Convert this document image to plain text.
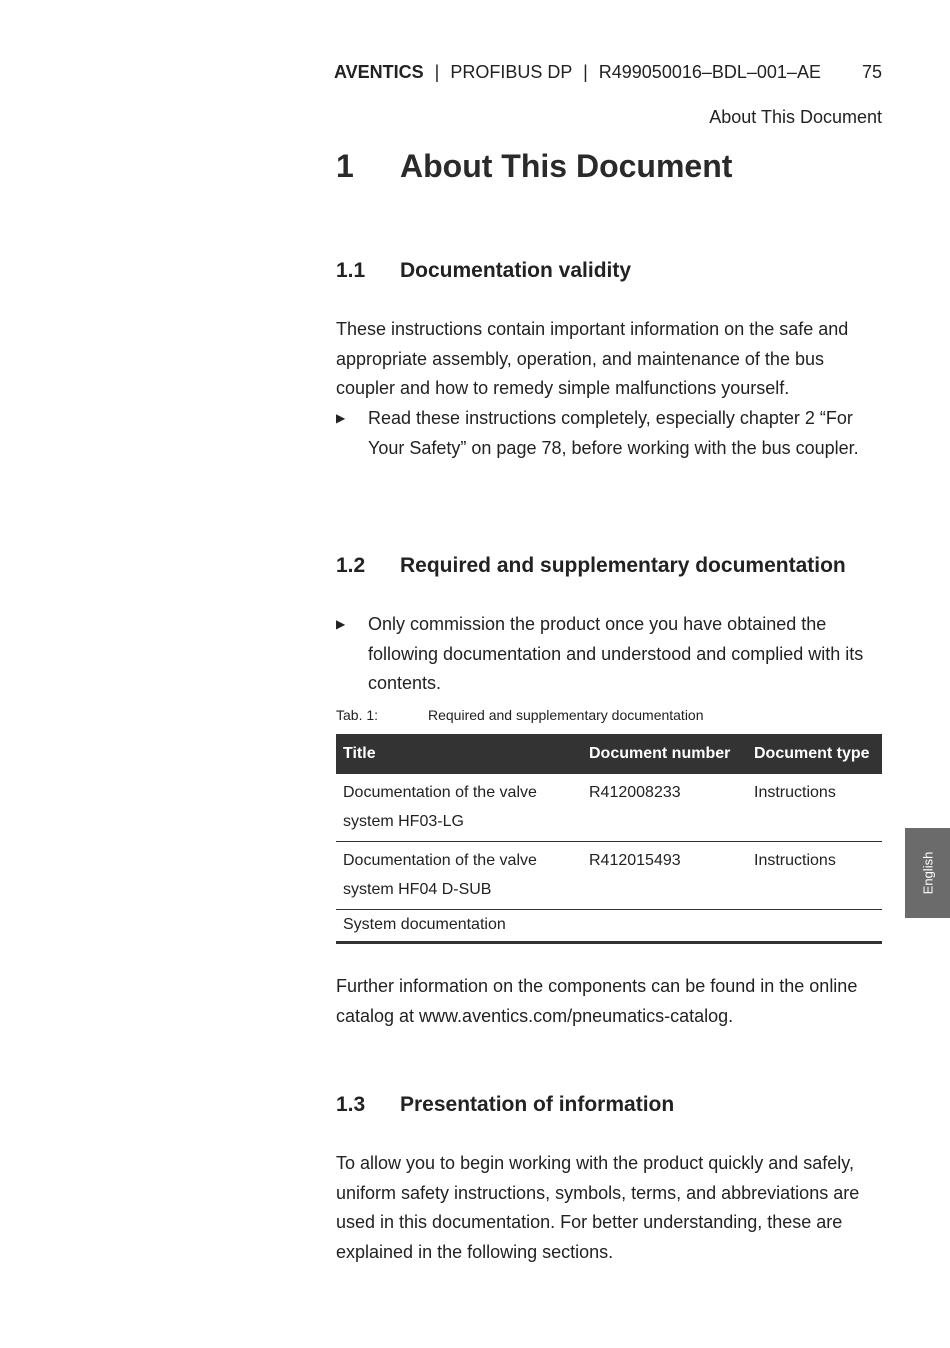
AVENTICS | PROFIBUS DP | R499050016–BDL–001–AE 75
About This Document
1 About This Document
1.1 Documentation validity
These instructions contain important information on the safe and appropriate assembly, operation, and maintenance of the bus coupler and how to remedy simple malfunctions yourself.
▶ Read these instructions completely, especially chapter 2 “For Your Safety” on page 78, before working with the bus coupler.
1.2 Required and supplementary documentation
▶ Only commission the product once you have obtained the following documentation and understood and complied with its contents.
Tab. 1:	Required and supplementary documentation
Title	Document number	Document type
Documentation of the valve system HF03-LG	R412008233	Instructions
Documentation of the valve system HF04 D-SUB	R412015493	Instructions
System documentation		
Further information on the components can be found in the online catalog at www.aventics.com/pneumatics-catalog.
1.3 Presentation of information
To allow you to begin working with the product quickly and safely, uniform safety instructions, symbols, terms, and abbreviations are used in this documentation. For better understanding, these are explained in the following sections.
English
